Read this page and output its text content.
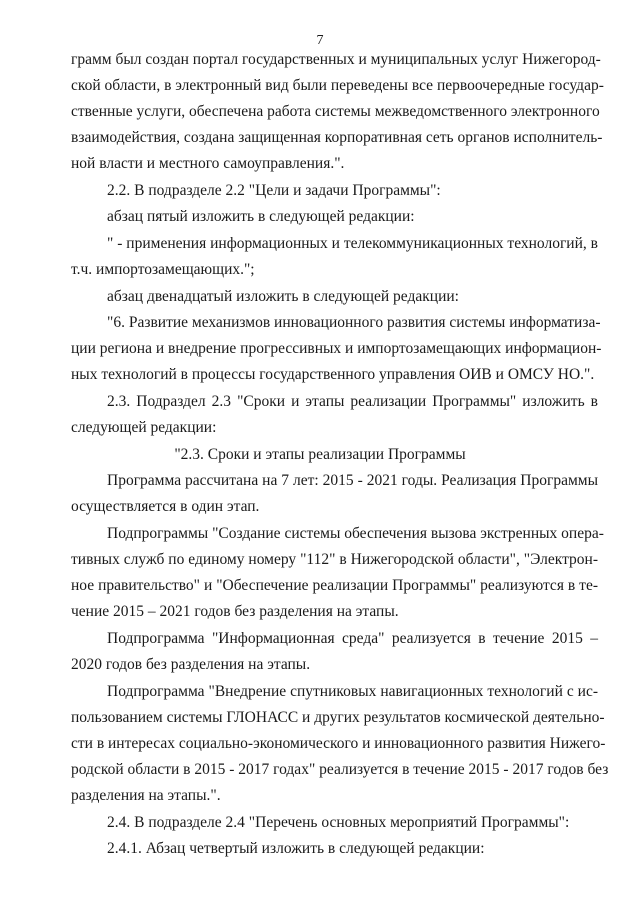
7
грамм был создан портал государственных и муниципальных услуг Нижегород-
ской области, в электронный вид были переведены все первоочередные государ-
ственные услуги, обеспечена работа системы межведомственного электронного
взаимодействия, создана защищенная корпоративная сеть органов исполнитель-
ной власти и местного самоуправления.".
2.2. В подразделе 2.2 "Цели и задачи Программы":
абзац пятый изложить в следующей редакции:
" - применения информационных и телекоммуникационных технологий, в
т.ч. импортозамещающих.";
абзац двенадцатый изложить в следующей редакции:
"6. Развитие механизмов инновационного развития системы информатиза-
ции региона и внедрение прогрессивных и импортозамещающих информацион-
ных технологий в процессы государственного управления ОИВ и ОМСУ НО.".
2.3. Подраздел 2.3 "Сроки и этапы реализации Программы" изложить в
следующей редакции:
"2.3. Сроки и этапы реализации Программы
Программа рассчитана на 7 лет: 2015 - 2021 годы. Реализация Программы
осуществляется в один этап.
Подпрограммы "Создание системы обеспечения вызова экстренных опера-
тивных служб по единому номеру "112" в Нижегородской области", "Электрон-
ное правительство" и "Обеспечение реализации Программы" реализуются в те-
чение 2015 – 2021 годов без разделения на этапы.
Подпрограмма "Информационная среда" реализуется в течение 2015 –
2020 годов без разделения на этапы.
Подпрограмма "Внедрение спутниковых навигационных технологий с ис-
пользованием системы ГЛОНАСС и других результатов космической деятельно-
сти в интересах социально-экономического и инновационного развития Нижего-
родской области в 2015 - 2017 годах" реализуется в течение 2015 - 2017 годов без
разделения на этапы.".
2.4. В подразделе 2.4 "Перечень основных мероприятий Программы":
2.4.1. Абзац четвертый изложить в следующей редакции:
